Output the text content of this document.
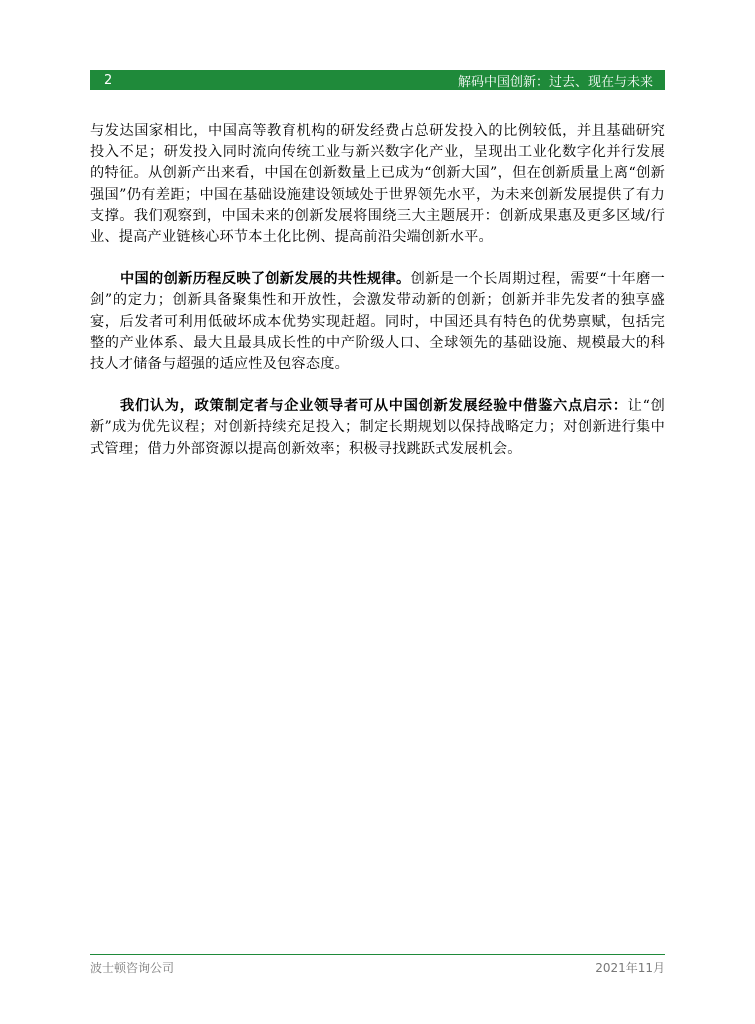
2	解码中国创新：过去、现在与未来

与发达国家相比，中国高等教育机构的研发经费占总研发投入的比例较低，并且基础研究投入不足；研发投入同时流向传统工业与新兴数字化产业，呈现出工业化数字化并行发展的特征。从创新产出来看，中国在创新数量上已成为“创新大国”，但在创新质量上离“创新强国”仍有差距；中国在基础设施建设领域处于世界领先水平，为未来创新发展提供了有力支撑。我们观察到，中国未来的创新发展将围绕三大主题展开：创新成果惠及更多区域/行业、提高产业链核心环节本土化比例、提高前沿尖端创新水平。

中国的创新历程反映了创新发展的共性规律。创新是一个长周期过程，需要“十年磨一剑”的定力；创新具备聚集性和开放性，会激发带动新的创新；创新并非先发者的独享盛宴，后发者可利用低破坏成本优势实现赶超。同时，中国还具有特色的优势禀赋，包括完整的产业体系、最大且最具成长性的中产阶级人口、全球领先的基础设施、规模最大的科技人才储备与超强的适应性及包容态度。

我们认为，政策制定者与企业领导者可从中国创新发展经验中借鉴六点启示：让“创新”成为优先议程；对创新持续充足投入；制定长期规划以保持战略定力；对创新进行集中式管理；借力外部资源以提高创新效率；积极寻找跳跃式发展机会。

波士顿咨询公司	2021年11月
